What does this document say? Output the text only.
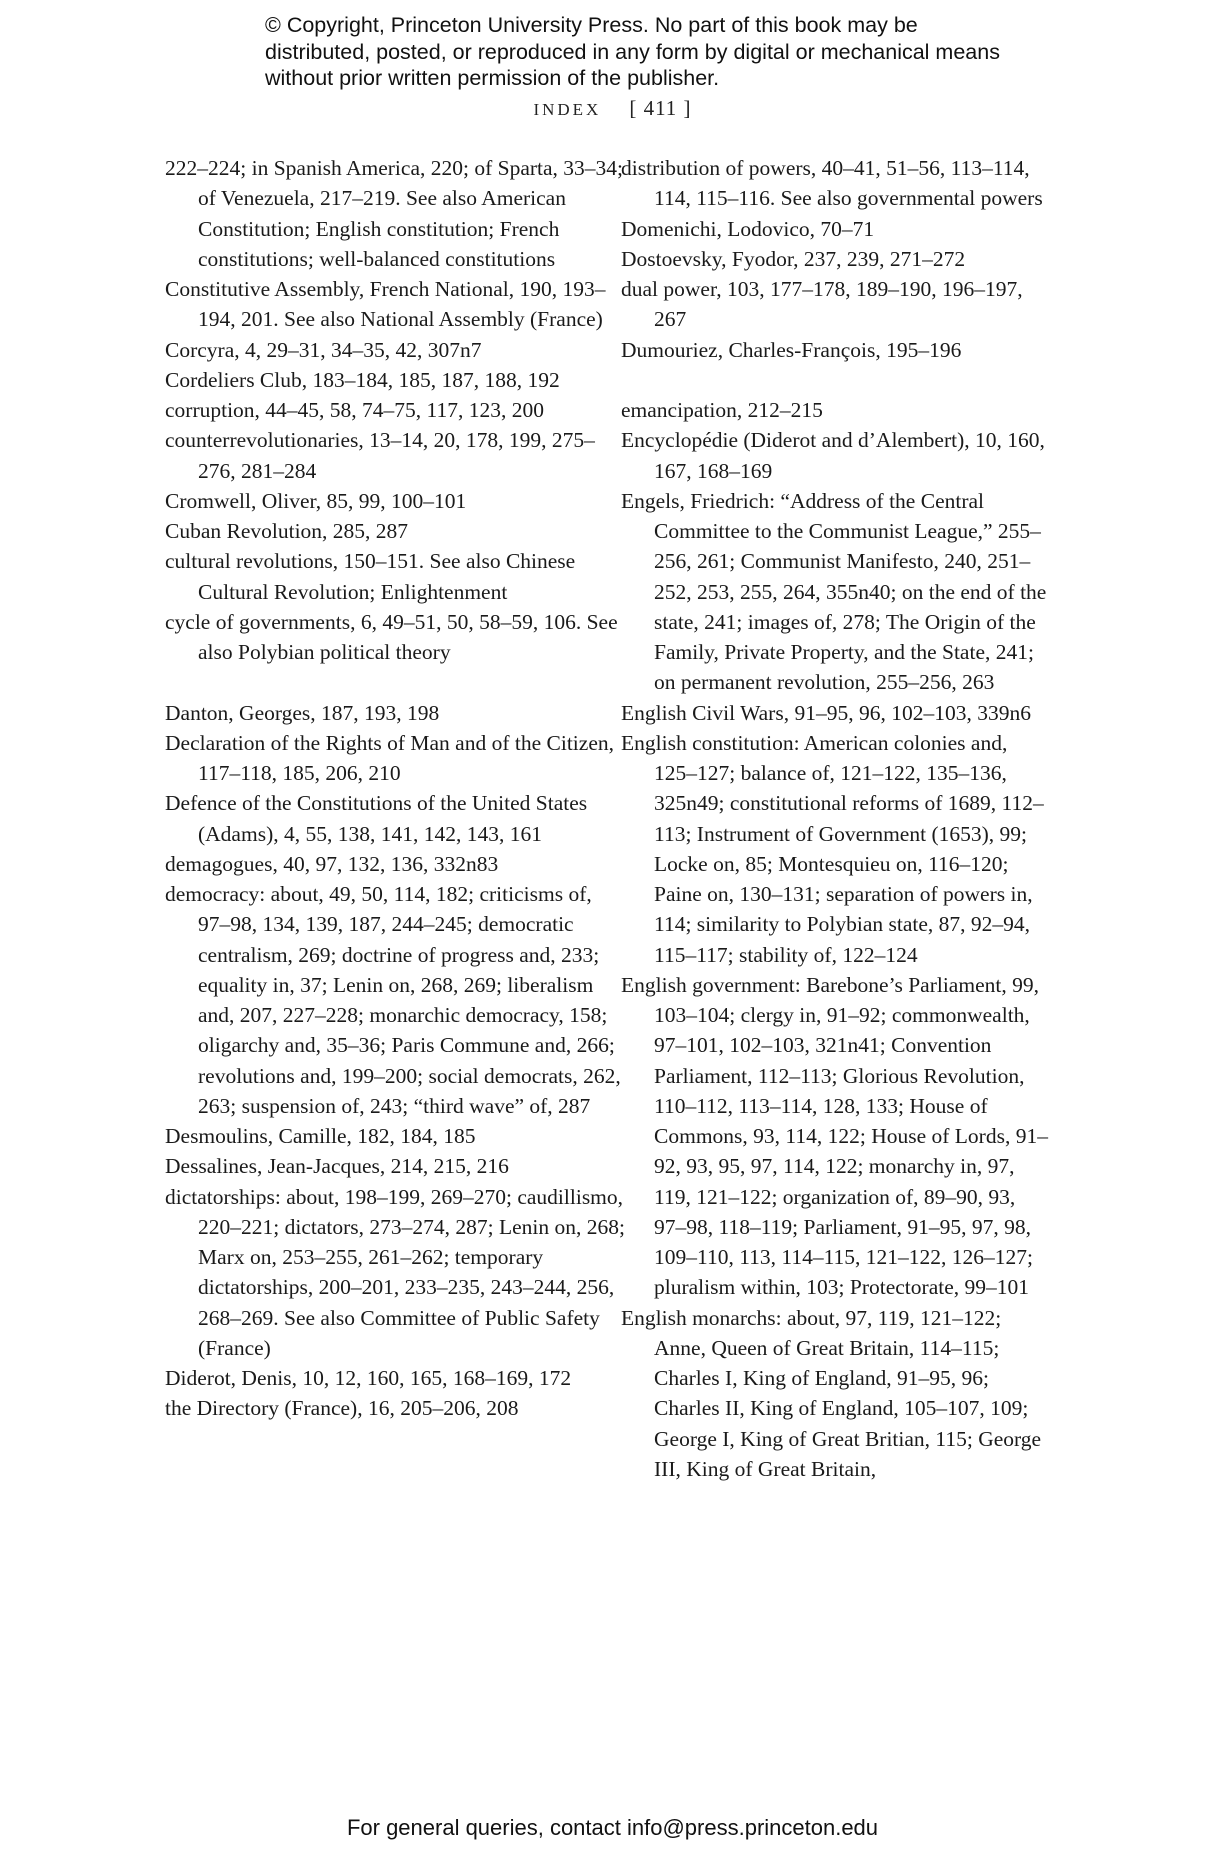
© Copyright, Princeton University Press. No part of this book may be distributed, posted, or reproduced in any form by digital or mechanical means without prior written permission of the publisher.
INDEX [ 411 ]

222–224; in Spanish America, 220; of Sparta, 33–34; of Venezuela, 217–219. See also American Constitution; English constitution; French constitutions; well-balanced constitutions

Constitutive Assembly, French National, 190, 193–194, 201. See also National Assembly (France)

Corcyra, 4, 29–31, 34–35, 42, 307n7

Cordeliers Club, 183–184, 185, 187, 188, 192

corruption, 44–45, 58, 74–75, 117, 123, 200

counterrevolutionaries, 13–14, 20, 178, 199, 275–276, 281–284

Cromwell, Oliver, 85, 99, 100–101

Cuban Revolution, 285, 287

cultural revolutions, 150–151. See also Chinese Cultural Revolution; Enlightenment

cycle of governments, 6, 49–51, 50, 58–59, 106. See also Polybian political theory

Danton, Georges, 187, 193, 198

Declaration of the Rights of Man and of the Citizen, 117–118, 185, 206, 210

Defence of the Constitutions of the United States (Adams), 4, 55, 138, 141, 142, 143, 161

demagogues, 40, 97, 132, 136, 332n83

democracy: about, 49, 50, 114, 182; criticisms of, 97–98, 134, 139, 187, 244–245; democratic centralism, 269; doctrine of progress and, 233; equality in, 37; Lenin on, 268, 269; liberalism and, 207, 227–228; monarchic democracy, 158; oligarchy and, 35–36; Paris Commune and, 266; revolutions and, 199–200; social democrats, 262, 263; suspension of, 243; “third wave” of, 287

Desmoulins, Camille, 182, 184, 185

Dessalines, Jean-Jacques, 214, 215, 216

dictatorships: about, 198–199, 269–270; caudillismo, 220–221; dictators, 273–274, 287; Lenin on, 268; Marx on, 253–255, 261–262; temporary dictatorships, 200–201, 233–235, 243–244, 256, 268–269. See also Committee of Public Safety (France)

Diderot, Denis, 10, 12, 160, 165, 168–169, 172

the Directory (France), 16, 205–206, 208

distribution of powers, 40–41, 51–56, 113–114, 114, 115–116. See also governmental powers

Domenichi, Lodovico, 70–71

Dostoevsky, Fyodor, 237, 239, 271–272

dual power, 103, 177–178, 189–190, 196–197, 267

Dumouriez, Charles-François, 195–196

emancipation, 212–215

Encyclopédie (Diderot and d’Alembert), 10, 160, 167, 168–169

Engels, Friedrich: “Address of the Central Committee to the Communist League,” 255–256, 261; Communist Manifesto, 240, 251–252, 253, 255, 264, 355n40; on the end of the state, 241; images of, 278; The Origin of the Family, Private Property, and the State, 241; on permanent revolution, 255–256, 263

English Civil Wars, 91–95, 96, 102–103, 339n6

English constitution: American colonies and, 125–127; balance of, 121–122, 135–136, 325n49; constitutional reforms of 1689, 112–113; Instrument of Government (1653), 99; Locke on, 85; Montesquieu on, 116–120; Paine on, 130–131; separation of powers in, 114; similarity to Polybian state, 87, 92–94, 115–117; stability of, 122–124

English government: Barebone’s Parliament, 99, 103–104; clergy in, 91–92; commonwealth, 97–101, 102–103, 321n41; Convention Parliament, 112–113; Glorious Revolution, 110–112, 113–114, 128, 133; House of Commons, 93, 114, 122; House of Lords, 91–92, 93, 95, 97, 114, 122; monarchy in, 97, 119, 121–122; organization of, 89–90, 93, 97–98, 118–119; Parliament, 91–95, 97, 98, 109–110, 113, 114–115, 121–122, 126–127; pluralism within, 103; Protectorate, 99–101

English monarchs: about, 97, 119, 121–122; Anne, Queen of Great Britain, 114–115; Charles I, King of England, 91–95, 96; Charles II, King of England, 105–107, 109; George I, King of Great Britian, 115; George III, King of Great Britain,

For general queries, contact info@press.princeton.edu
